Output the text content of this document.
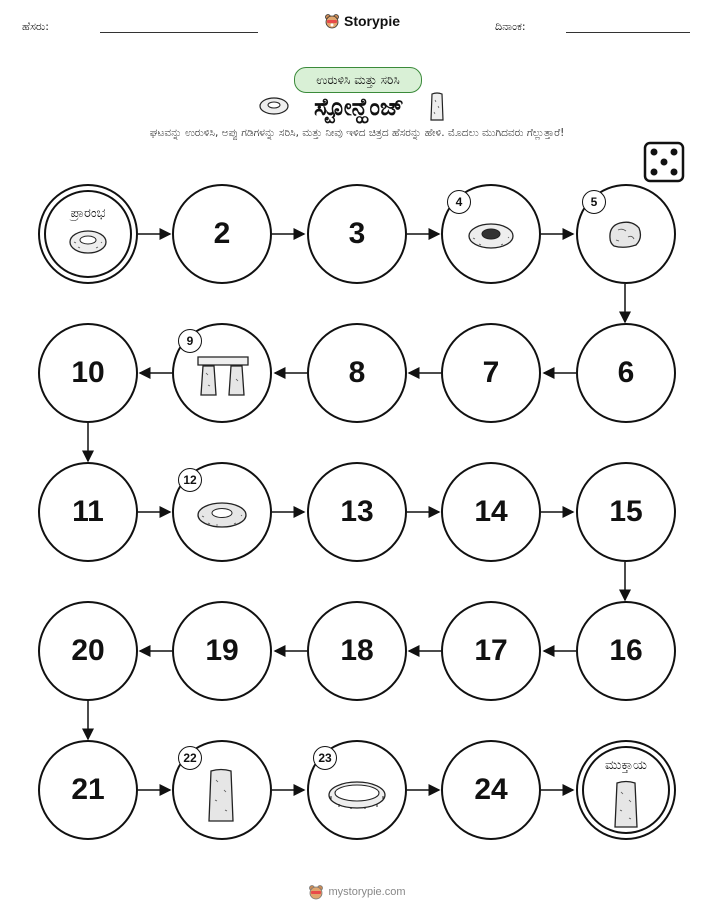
ಹೆಸರು:	Storypie	ದಿನಾಂಕ:
ಉರುಳಿಸಿ ಮತ್ತು ಸರಿಸಿ
ಸ್ಟೋನ್ಹೆಂಜ್
ಘಟವನ್ನು ಉರುಳಿಸಿ, ಅಪ್ಪು ಗಡಿಗಳನ್ನು ಸರಿಸಿ, ಮತ್ತು ನೀವು ಇಳಿದ ಚಿತ್ರದ ಹೆಸರನ್ನು ಹೇಳಿ. ಮೊದಲು ಮುಗಿದವರು ಗೆಲ್ಲುತ್ತಾರೆ!
ಪ್ರಾರಂಭ
2	3
4	5
10
9
8	7	6
11
12
13	14	15
20	19	18	17	16
21
22	23
24
ಮುಕ್ತಾಯ
mystorypie.com
